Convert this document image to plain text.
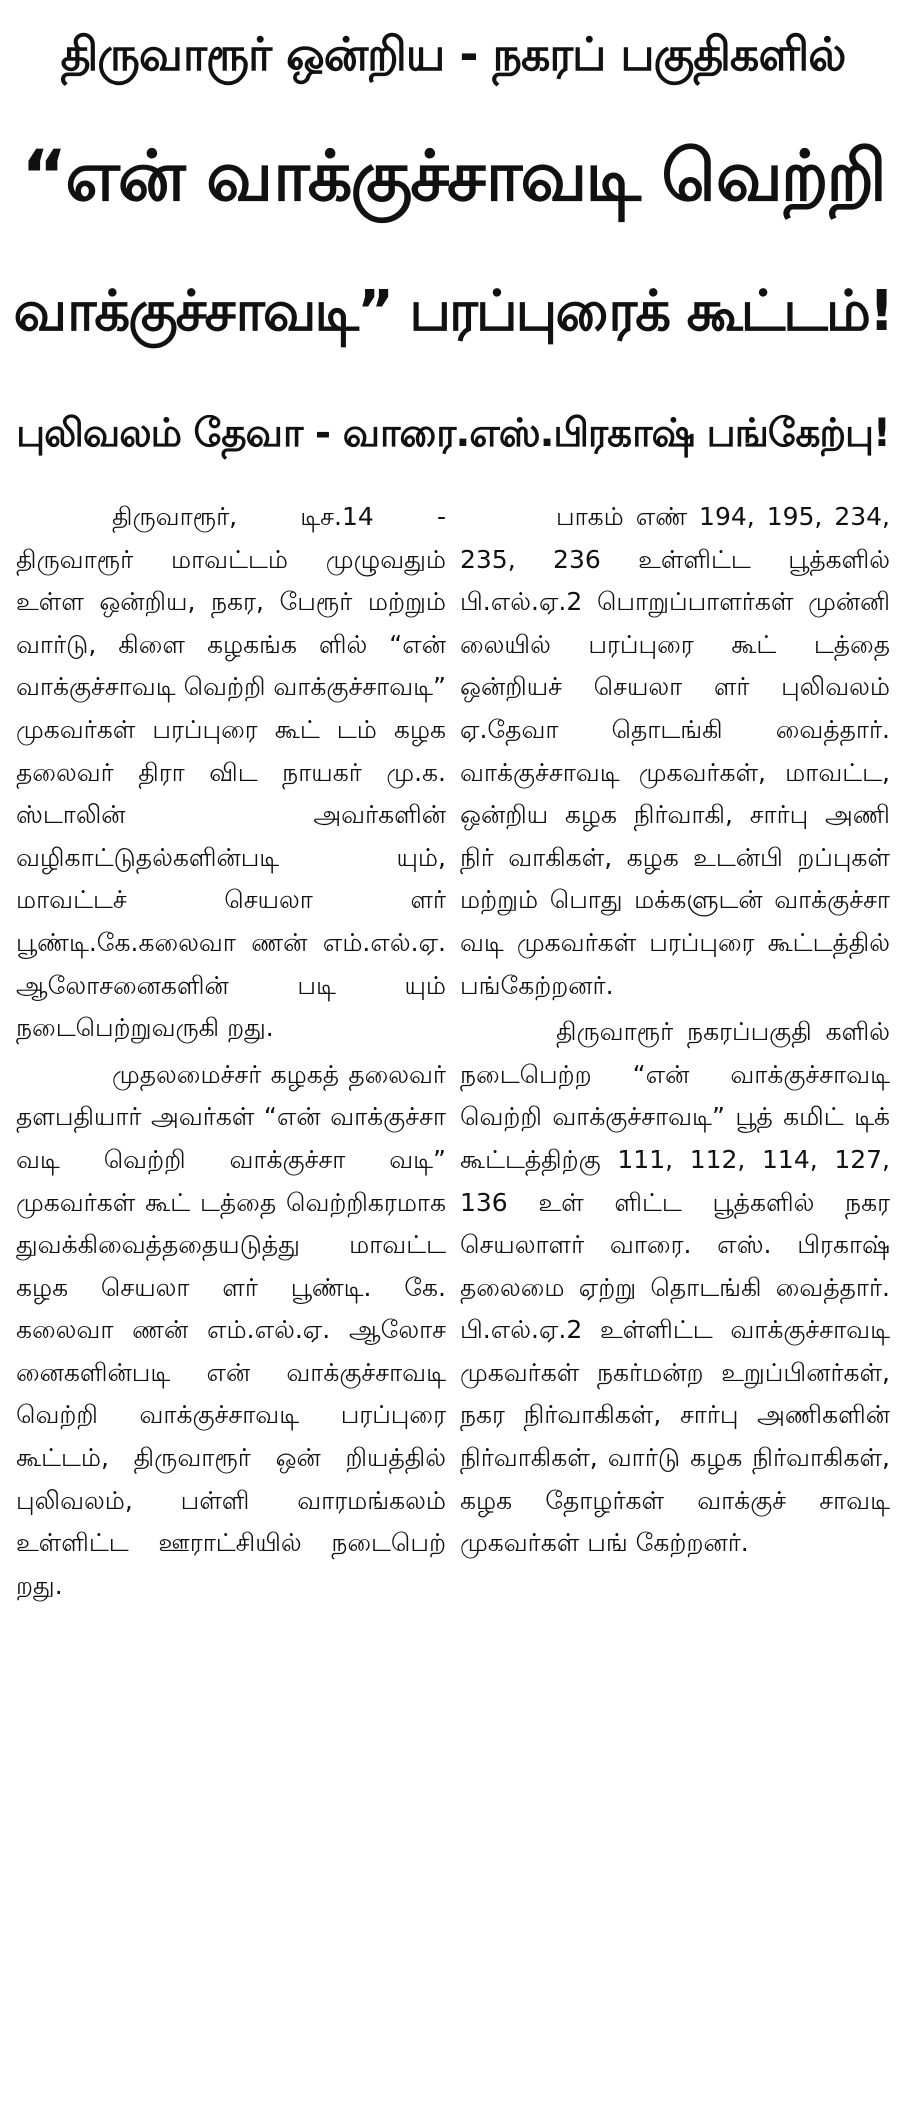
திருவாரூர் ஒன்றிய - நகரப் பகுதிகளில்
“என் வாக்குச்சாவடி வெற்றி
வாக்குச்சாவடி” பரப்புரைக் கூட்டம்!
புலிவலம் தேவா - வாரை.எஸ்.பிரகாஷ் பங்கேற்பு!

திருவாரூர், டிச.14 - திருவாரூர் மாவட்டம் முழுவதும் உள்ள ஒன்றிய, நகர, பேரூர் மற்றும் வார்டு, கிளை கழகங்க ளில் “என் வாக்குச்சாவடி வெற்றி வாக்குச்சாவடி” முகவர்கள் பரப்புரை கூட் டம் கழக தலைவர் திரா விட நாயகர் மு.க. ஸ்டாலின் அவர்களின் வழிகாட்டுதல்களின்படி யும், மாவட்டச் செயலா ளர் பூண்டி.கே.கலைவா ணன் எம்.எல்.ஏ. ஆலோசனைகளின் படி யும் நடைபெற்றுவருகி றது.

முதலமைச்சர் கழகத் தலைவர் தளபதியார் அவர்கள் “என் வாக்குச்சா வடி வெற்றி வாக்குச்சா வடி” முகவர்கள் கூட் டத்தை வெற்றிகரமாக துவக்கிவைத்ததையடுத்து மாவட்ட கழக செயலா ளர் பூண்டி. கே. கலைவா ணன் எம்.எல்.ஏ. ஆலோச னைகளின்படி என் வாக்குச்சாவடி வெற்றி வாக்குச்சாவடி பரப்புரை கூட்டம், திருவாரூர் ஒன் றியத்தில் புலிவலம், பள்ளி வாரமங்கலம் உள்ளிட்ட ஊராட்சியில் நடைபெற் றது.

பாகம் எண் 194, 195, 234, 235, 236 உள்ளிட்ட பூத்களில் பி.எல்.ஏ.2 பொறுப்பாளர்கள் முன்னி லையில் பரப்புரை கூட் டத்தை ஒன்றியச் செயலா ளர் புலிவலம் ஏ.தேவா தொடங்கி வைத்தார். வாக்குச்சாவடி முகவர்கள், மாவட்ட, ஒன்றிய கழக நிர்வாகி, சார்பு அணி நிர் வாகிகள், கழக உடன்பி றப்புகள் மற்றும் பொது மக்களுடன் வாக்குச்சா வடி முகவர்கள் பரப்புரை கூட்டத்தில் பங்கேற்றனர்.

திருவாரூர் நகரப்பகுதி களில் நடைபெற்ற “என் வாக்குச்சாவடி வெற்றி வாக்குச்சாவடி” பூத் கமிட் டிக் கூட்டத்திற்கு 111, 112, 114, 127, 136 உள் ளிட்ட பூத்களில் நகர செயலாளர் வாரை. எஸ். பிரகாஷ் தலைமை ஏற்று தொடங்கி வைத்தார். பி.எல்.ஏ.2 உள்ளிட்ட வாக்குச்சாவடி முகவர்கள் நகர்மன்ற உறுப்பினர்கள், நகர நிர்வாகிகள், சார்பு அணிகளின் நிர்வாகிகள், வார்டு கழக நிர்வாகிகள், கழக தோழர்கள் வாக்குச் சாவடி முகவர்கள் பங் கேற்றனர்.
